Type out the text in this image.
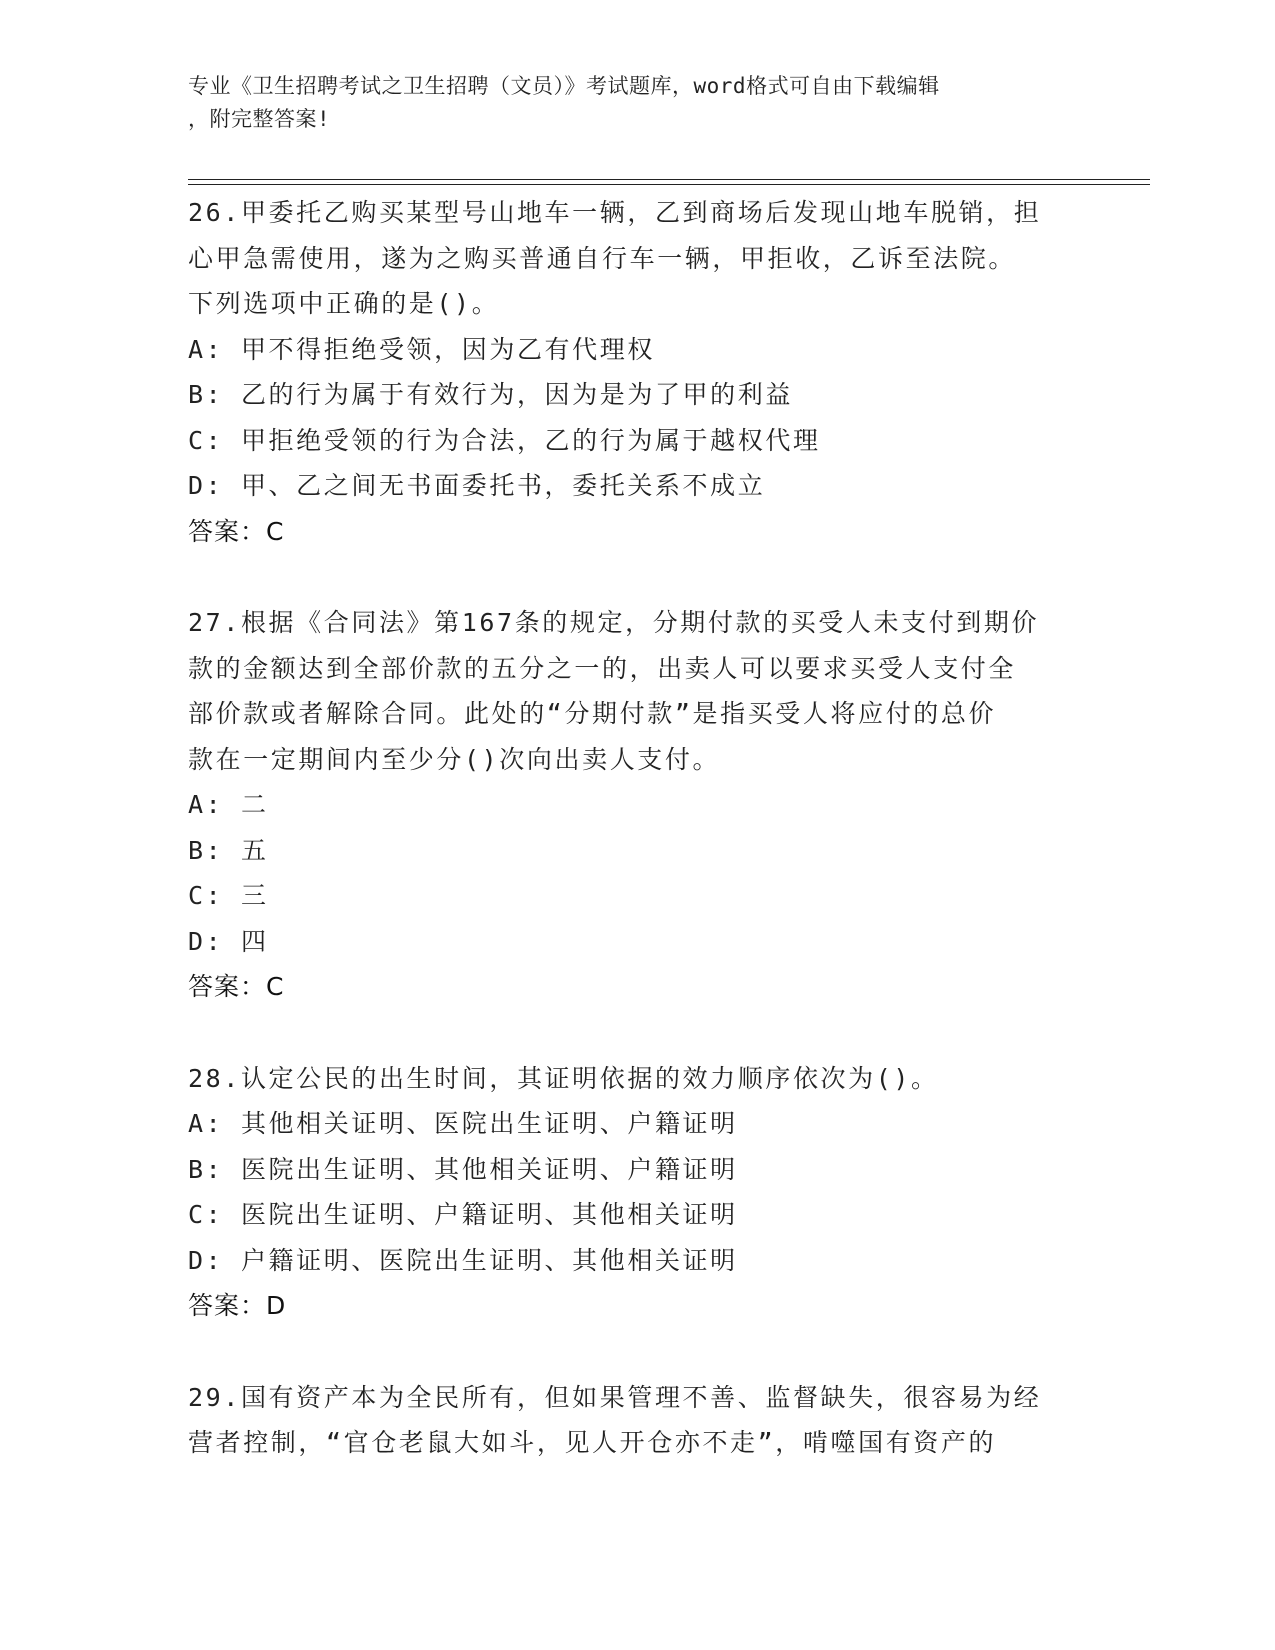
专业《卫生招聘考试之卫生招聘（文员）》考试题库，word格式可自由下载编辑
，附完整答案!
26.甲委托乙购买某型号山地车一辆，乙到商场后发现山地车脱销，担
心甲急需使用，遂为之购买普通自行车一辆，甲拒收，乙诉至法院。
下列选项中正确的是()。
A: 甲不得拒绝受领，因为乙有代理权
B: 乙的行为属于有效行为，因为是为了甲的利益
C: 甲拒绝受领的行为合法，乙的行为属于越权代理
D: 甲、乙之间无书面委托书，委托关系不成立
答案：C
27.根据《合同法》第167条的规定，分期付款的买受人未支付到期价
款的金额达到全部价款的五分之一的，出卖人可以要求买受人支付全
部价款或者解除合同。此处的“分期付款”是指买受人将应付的总价
款在一定期间内至少分()次向出卖人支付。
A: 二
B: 五
C: 三
D: 四
答案：C
28.认定公民的出生时间，其证明依据的效力顺序依次为()。
A: 其他相关证明、医院出生证明、户籍证明
B: 医院出生证明、其他相关证明、户籍证明
C: 医院出生证明、户籍证明、其他相关证明
D: 户籍证明、医院出生证明、其他相关证明
答案：D
29.国有资产本为全民所有，但如果管理不善、监督缺失，很容易为经
营者控制，“官仓老鼠大如斗，见人开仓亦不走”，啃噬国有资产的
